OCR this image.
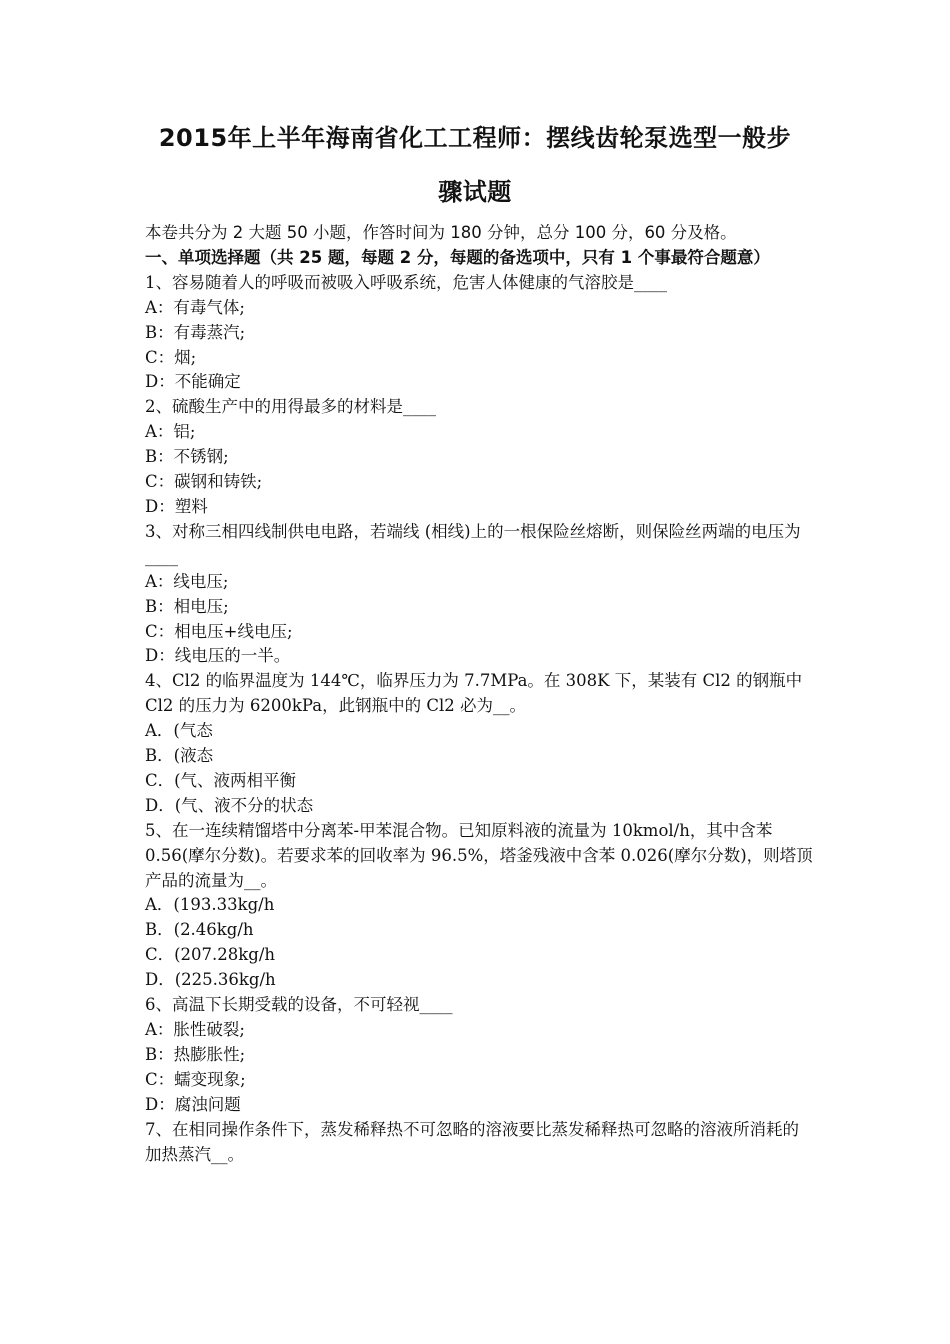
2015年上半年海南省化工工程师：摆线齿轮泵选型一般步
骤试题
本卷共分为 2 大题 50 小题，作答时间为 180 分钟，总分 100 分，60 分及格。
一、单项选择题（共 25 题，每题 2 分，每题的备选项中，只有 1 个事最符合题意）
1、容易随着人的呼吸而被吸入呼吸系统，危害人体健康的气溶胶是____
A：有毒气体;
B：有毒蒸汽;
C：烟;
D：不能确定
2、硫酸生产中的用得最多的材料是____
A：铝;
B：不锈钢;
C：碳钢和铸铁;
D：塑料
3、对称三相四线制供电电路，若端线 (相线)上的一根保险丝熔断，则保险丝两端的电压为____
A：线电压;
B：相电压;
C：相电压+线电压;
D：线电压的一半。
4、Cl2 的临界温度为 144℃，临界压力为 7.7MPa。在 308K 下，某装有 Cl2 的钢瓶中 Cl2 的压力为 6200kPa，此钢瓶中的 Cl2 必为__。
A．(气态
B．(液态
C．(气、液两相平衡
D．(气、液不分的状态
5、在一连续精馏塔中分离苯-甲苯混合物。已知原料液的流量为 10kmol/h，其中含苯 0.56(摩尔分数)。若要求苯的回收率为 96.5%，塔釜残液中含苯 0.026(摩尔分数)，则塔顶产品的流量为__。
A．(193.33kg/h
B．(2.46kg/h
C．(207.28kg/h
D．(225.36kg/h
6、高温下长期受载的设备，不可轻视____
A：胀性破裂;
B：热膨胀性;
C：蠕变现象;
D：腐浊问题
7、在相同操作条件下，蒸发稀释热不可忽略的溶液要比蒸发稀释热可忽略的溶液所消耗的加热蒸汽__。
